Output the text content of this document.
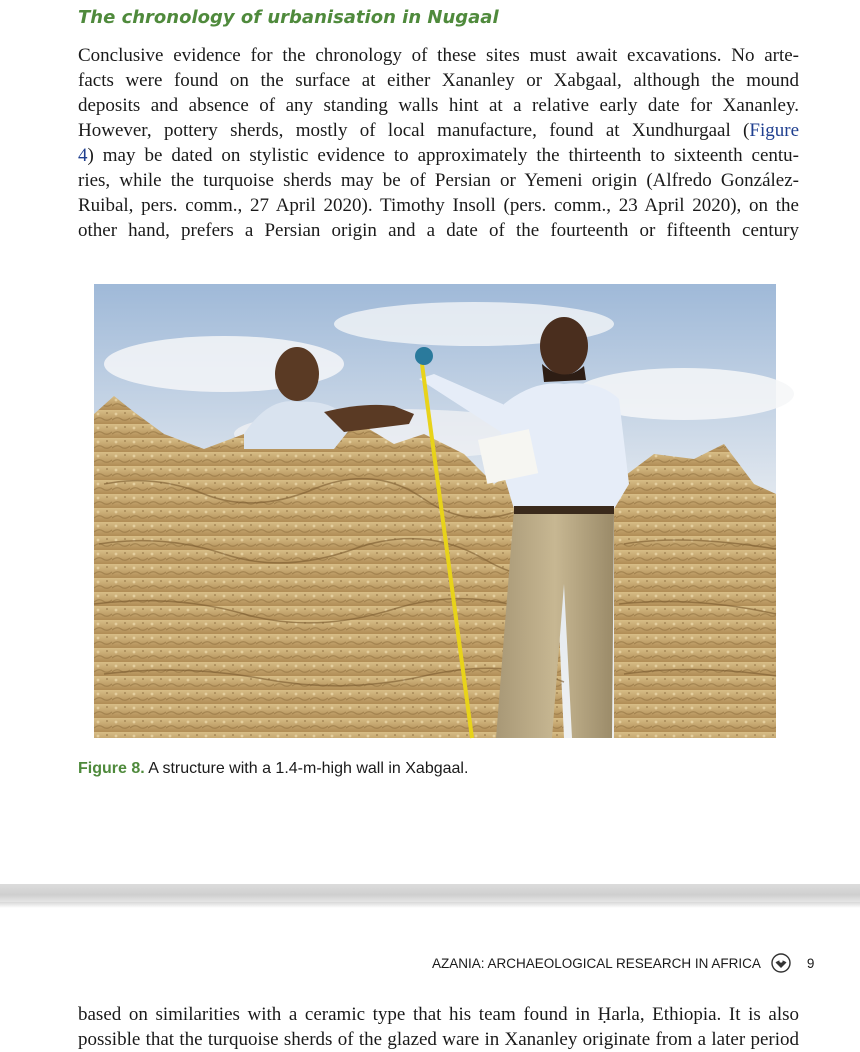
The chronology of urbanisation in Nugaal
Conclusive evidence for the chronology of these sites must await excavations. No arte-
facts were found on the surface at either Xananley or Xabgaal, although the mound
deposits and absence of any standing walls hint at a relative early date for Xananley.
However, pottery sherds, mostly of local manufacture, found at Xundhurgaal (Figure
4) may be dated on stylistic evidence to approximately the thirteenth to sixteenth centu-
ries, while the turquoise sherds may be of Persian or Yemeni origin (Alfredo González-
Ruibal, pers. comm., 27 April 2020). Timothy Insoll (pers. comm., 23 April 2020), on the
other hand, prefers a Persian origin and a date of the fourteenth or fifteenth century

Figure 8. A structure with a 1.4-m-high wall in Xabgaal.

AZANIA: ARCHAEOLOGICAL RESEARCH IN AFRICA	9
based on similarities with a ceramic type that his team found in Ḥarla, Ethiopia. It is also
possible that the turquoise sherds of the glazed ware in Xananley originate from a later period
